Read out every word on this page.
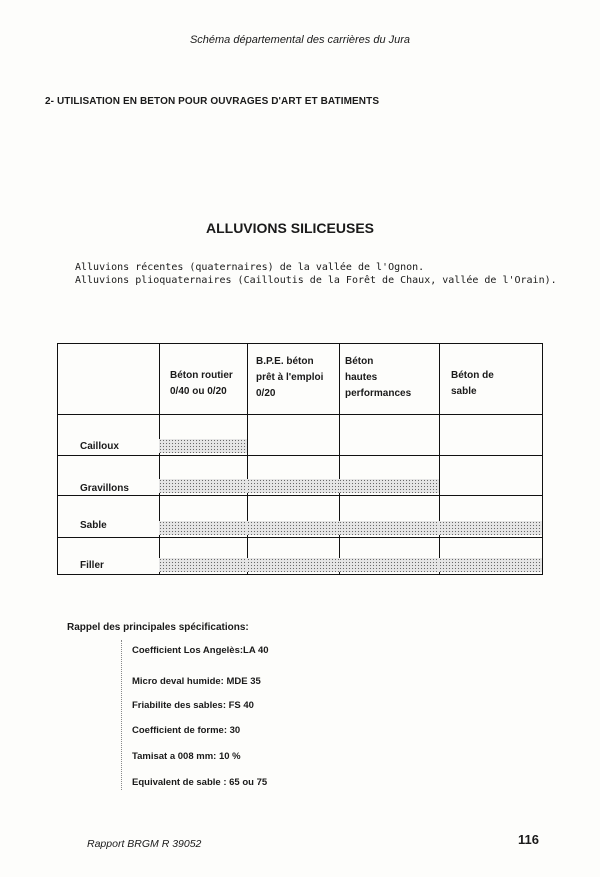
Schéma départemental des carrières du Jura
2- UTILISATION EN BETON POUR OUVRAGES D'ART ET BATIMENTS
ALLUVIONS SILICEUSES
Alluvions récentes (quaternaires) de la vallée de l'Ognon.
Alluvions plioquaternaires (Cailloutis de la Forêt de Chaux, vallée de l'Orain).
Béton routier
0/40 ou 0/20
B.P.E. béton
prêt à l'emploi
0/20
Béton
hautes
performances
Béton de
sable
Cailloux
Gravillons
Sable
Filler
Rappel des principales spécifications:
Coefficient Los Angelès:LA 40
Micro deval humide: MDE 35
Friabilite des sables: FS 40
Coefficient de forme: 30
Tamisat a 008 mm: 10 %
Equivalent de sable : 65 ou 75
Rapport BRGM R 39052	116
